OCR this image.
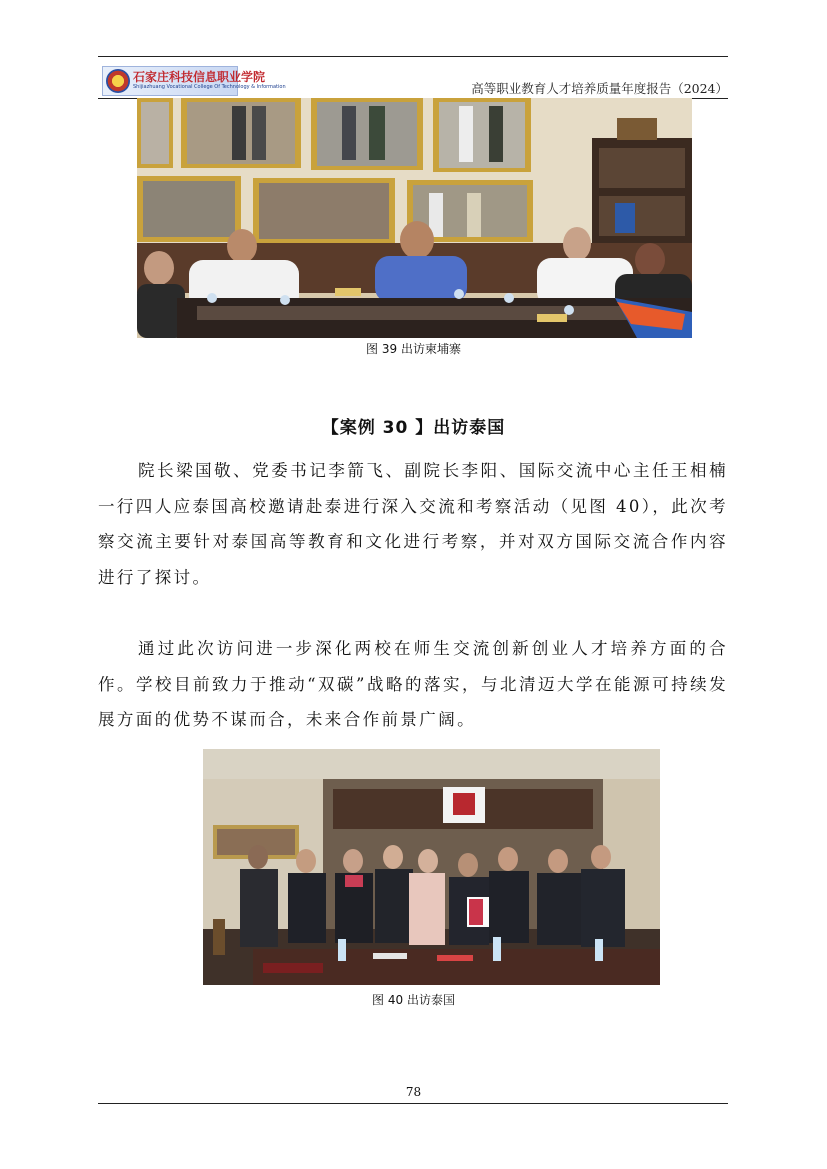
石家庄科技信息职业学院
Shijiazhuang Vocational College Of Technology & Information	高等职业教育人才培养质量年度报告（2024）
图 39 出访柬埔寨
【案例 30 】出访泰国

院长梁国敬、党委书记李箭飞、副院长李阳、国际交流中心主任王相楠一行四人应泰国高校邀请赴泰进行深入交流和考察活动（见图 40），此次考察交流主要针对泰国高等教育和文化进行考察，并对双方国际交流合作内容进行了探讨。

通过此次访问进一步深化两校在师生交流创新创业人才培养方面的合作。学校目前致力于推动“双碳”战略的落实，与北清迈大学在能源可持续发展方面的优势不谋而合，未来合作前景广阔。

图 40 出访泰国
78
